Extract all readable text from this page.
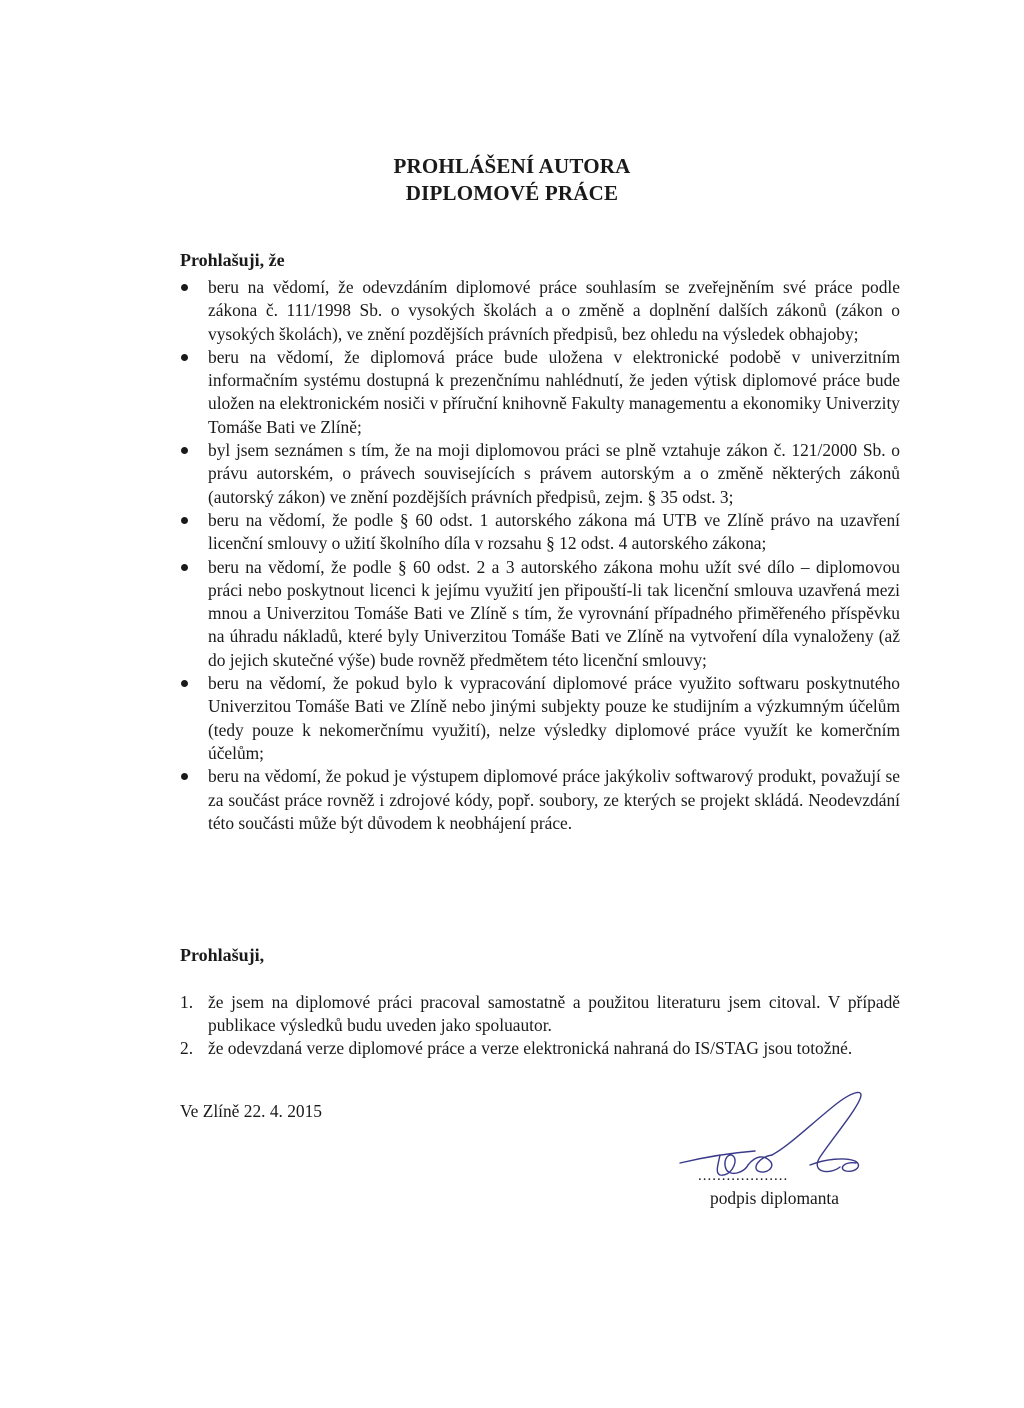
PROHLÁŠENÍ AUTORA
DIPLOMOVÉ PRÁCE
Prohlašuji, že
beru na vědomí, že odevzdáním diplomové práce souhlasím se zveřejněním své práce podle zákona č. 111/1998 Sb. o vysokých školách a o změně a doplnění dalších zákonů (zákon o vysokých školách), ve znění pozdějších právních předpisů, bez ohledu na výsledek obhajoby;
beru na vědomí, že diplomová práce bude uložena v elektronické podobě v univerzitním informačním systému dostupná k prezenčnímu nahlédnutí, že jeden výtisk diplomové práce bude uložen na elektronickém nosiči v příruční knihovně Fakulty managementu a ekonomiky Univerzity Tomáše Bati ve Zlíně;
byl jsem seznámen s tím, že na moji diplomovou práci se plně vztahuje zákon č. 121/2000 Sb. o právu autorském, o právech souvisejících s právem autorským a o změně některých zákonů (autorský zákon) ve znění pozdějších právních předpisů, zejm. § 35 odst. 3;
beru na vědomí, že podle § 60 odst. 1 autorského zákona má UTB ve Zlíně právo na uzavření licenční smlouvy o užití školního díla v rozsahu § 12 odst. 4 autorského zákona;
beru na vědomí, že podle § 60 odst. 2 a 3 autorského zákona mohu užít své dílo – diplomovou práci nebo poskytnout licenci k jejímu využití jen připouští-li tak licenční smlouva uzavřená mezi mnou a Univerzitou Tomáše Bati ve Zlíně s tím, že vyrovnání případného přiměřeného příspěvku na úhradu nákladů, které byly Univerzitou Tomáše Bati ve Zlíně na vytvoření díla vynaloženy (až do jejich skutečné výše) bude rovněž předmětem této licenční smlouvy;
beru na vědomí, že pokud bylo k vypracování diplomové práce využito softwaru poskytnutého Univerzitou Tomáše Bati ve Zlíně nebo jinými subjekty pouze ke studijním a výzkumným účelům (tedy pouze k nekomerčnímu využití), nelze výsledky diplomové práce využít ke komerčním účelům;
beru na vědomí, že pokud je výstupem diplomové práce jakýkoliv softwarový produkt, považují se za součást práce rovněž i zdrojové kódy, popř. soubory, ze kterých se projekt skládá. Neodevzdání této součásti může být důvodem k neobhájení práce.
Prohlašuji,
1. že jsem na diplomové práci pracoval samostatně a použitou literaturu jsem citoval. V případě publikace výsledků budu uveden jako spoluautor.
2. že odevzdaná verze diplomové práce a verze elektronická nahraná do IS/STAG jsou totožné.
Ve Zlíně 22. 4. 2015
...................
podpis diplomanta
